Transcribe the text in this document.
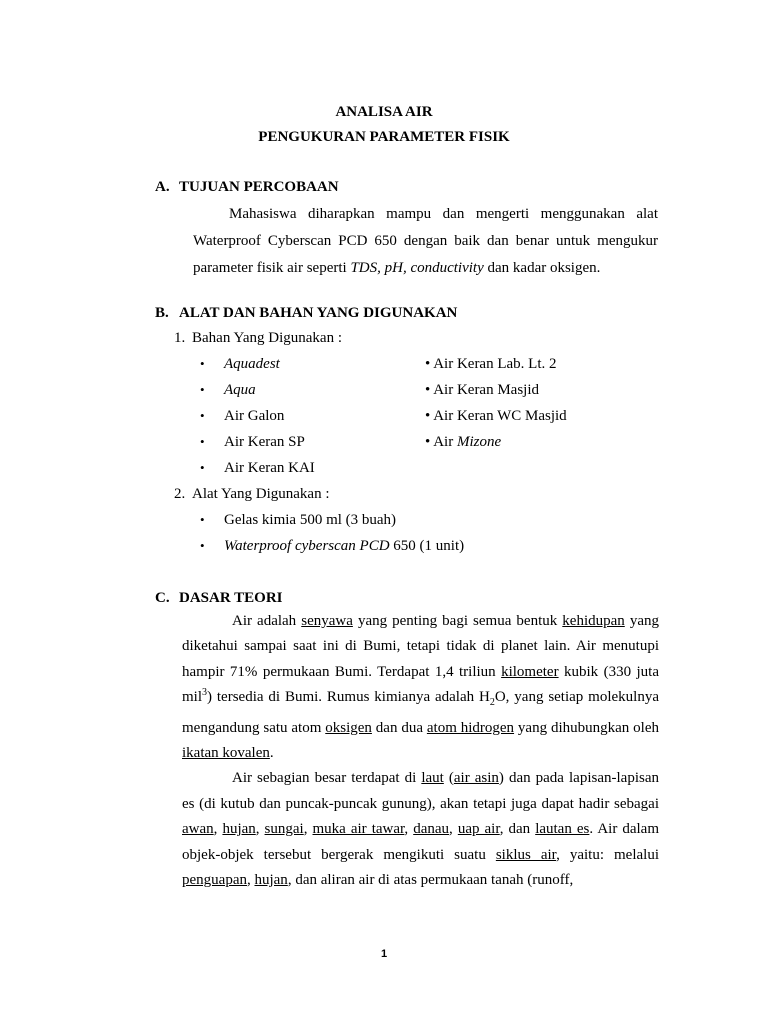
ANALISA AIR
PENGUKURAN PARAMETER FISIK
A. TUJUAN PERCOBAAN

Mahasiswa diharapkan mampu dan mengerti menggunakan alat Waterproof Cyberscan PCD 650 dengan baik dan benar untuk mengukur parameter fisik air seperti TDS, pH, conductivity dan kadar oksigen.

B. ALAT DAN BAHAN YANG DIGUNAKAN
1. Bahan Yang Digunakan :
• Aquadest
• Aqua
• Air Galon
• Air Keran SP
• Air Keran KAI
• Air Keran Lab. Lt. 2
• Air Keran Masjid
• Air Keran WC Masjid
• Air Mizone
2. Alat Yang Digunakan :
• Gelas kimia 500 ml (3 buah)
• Waterproof cyberscan PCD 650 (1 unit)
C. DASAR TEORI

Air adalah senyawa yang penting bagi semua bentuk kehidupan yang diketahui sampai saat ini di Bumi, tetapi tidak di planet lain. Air menutupi hampir 71% permukaan Bumi. Terdapat 1,4 triliun kilometer kubik (330 juta mil$^3$) tersedia di Bumi. Rumus kimianya adalah $H_2O$, yang setiap molekulnya mengandung satu atom oksigen dan dua atom hidrogen yang dihubungkan oleh ikatan kovalen.

Air sebagian besar terdapat di laut (air asin) dan pada lapisan-lapisan es (di kutub dan puncak-puncak gunung), akan tetapi juga dapat hadir sebagai awan, hujan, sungai, muka air tawar, danau, uap air, dan lautan es. Air dalam objek-objek tersebut bergerak mengikuti suatu siklus air, yaitu: melalui penguapan, hujan, dan aliran air di atas permukaan tanah (runoff,

1
